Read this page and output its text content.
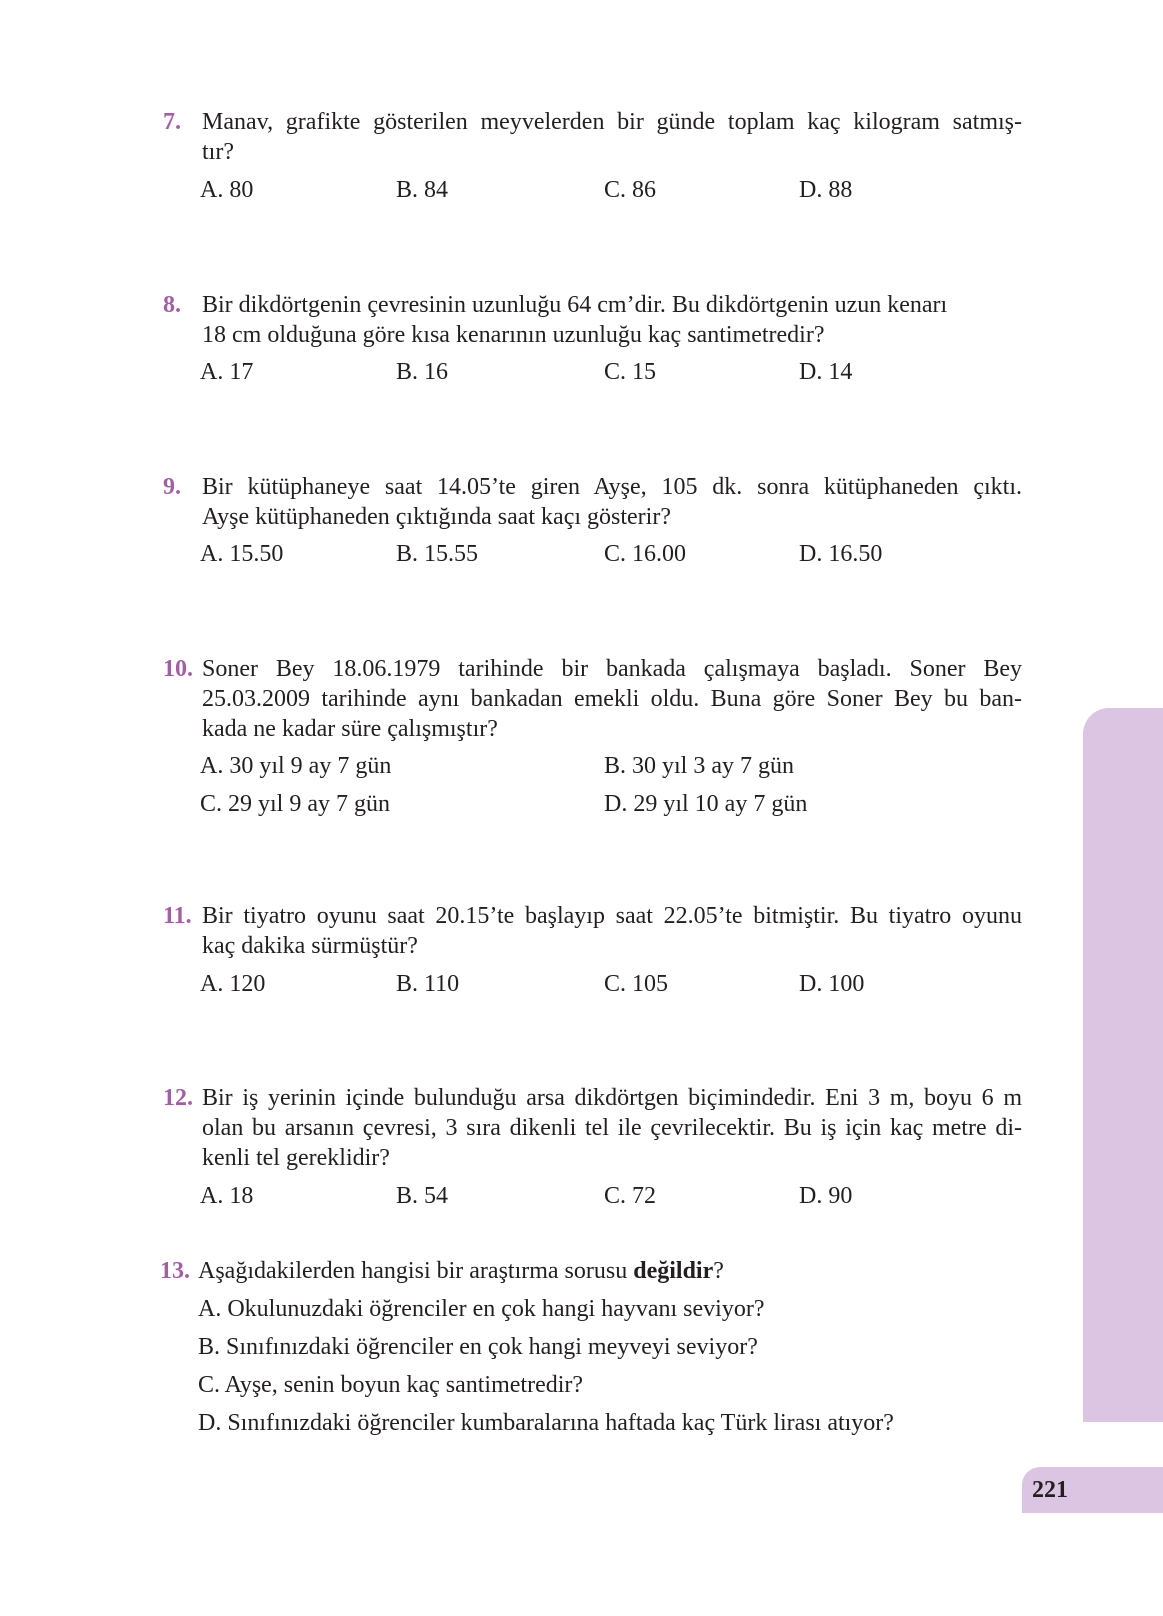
7. Manav, grafikte gösterilen meyvelerden bir günde toplam kaç kilogram satmış-
tır?
A. 80	B. 84	C. 86	D. 88
8. Bir dikdörtgenin çevresinin uzunluğu 64 cm’dir. Bu dikdörtgenin uzun kenarı
18 cm olduğuna göre kısa kenarının uzunluğu kaç santimetredir?
A. 17	B. 16	C. 15	D. 14
9. Bir kütüphaneye saat 14.05’te giren Ayşe, 105 dk. sonra kütüphaneden çıktı.
Ayşe kütüphaneden çıktığında saat kaçı gösterir?
A. 15.50	B. 15.55	C. 16.00	D. 16.50
10. Soner Bey 18.06.1979 tarihinde bir bankada çalışmaya başladı. Soner Bey
25.03.2009 tarihinde aynı bankadan emekli oldu. Buna göre Soner Bey bu ban-
kada ne kadar süre çalışmıştır?
A. 30 yıl 9 ay 7 gün	B. 30 yıl 3 ay 7 gün
C. 29 yıl 9 ay 7 gün	D. 29 yıl 10 ay 7 gün
11. Bir tiyatro oyunu saat 20.15’te başlayıp saat 22.05’te bitmiştir. Bu tiyatro oyunu
kaç dakika sürmüştür?
A. 120	B. 110	C. 105	D. 100
12. Bir iş yerinin içinde bulunduğu arsa dikdörtgen biçimindedir. Eni 3 m, boyu 6 m
olan bu arsanın çevresi, 3 sıra dikenli tel ile çevrilecektir. Bu iş için kaç metre di-
kenli tel gereklidir?
A. 18	B. 54	C. 72	D. 90
13. Aşağıdakilerden hangisi bir araştırma sorusu değildir?
A. Okulunuzdaki öğrenciler en çok hangi hayvanı seviyor?
B. Sınıfınızdaki öğrenciler en çok hangi meyveyi seviyor?
C. Ayşe, senin boyun kaç santimetredir?
D. Sınıfınızdaki öğrenciler kumbaralarına haftada kaç Türk lirası atıyor?
221
